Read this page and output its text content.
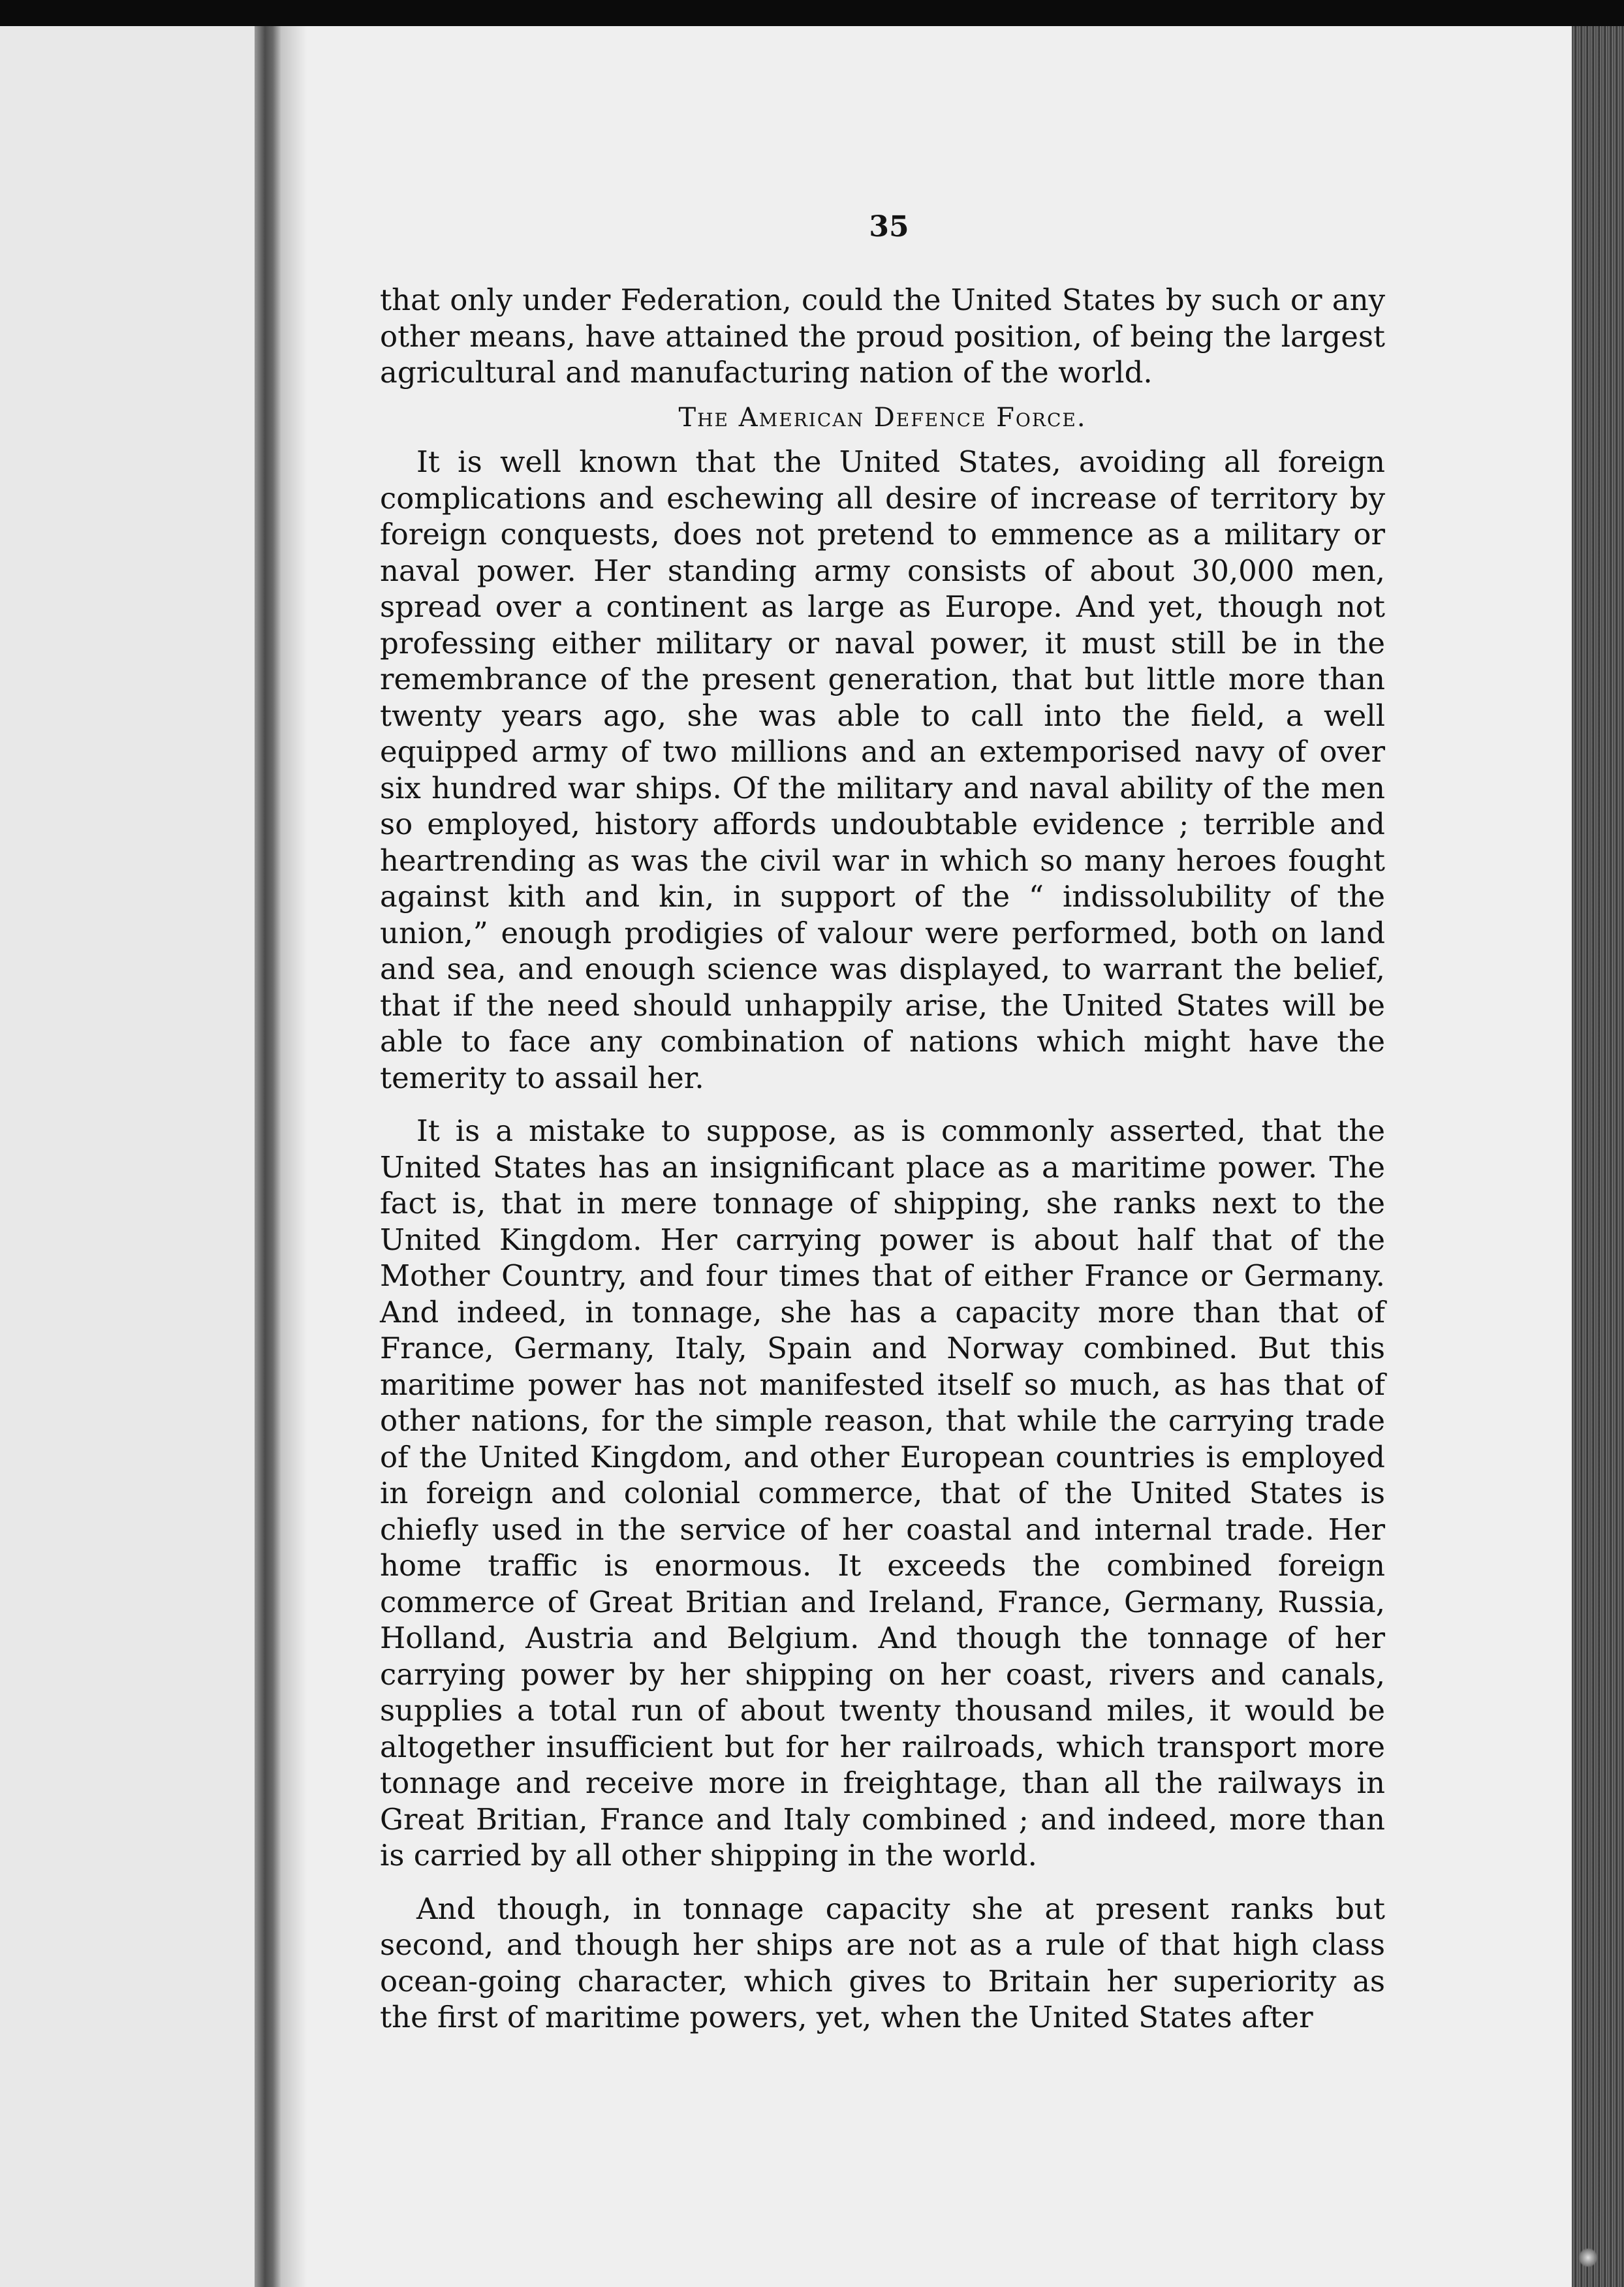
35

that only under Federation, could the United States by such or any other means, have attained the proud position, of being the largest agricultural and manufacturing nation of the world.

The American Defence Force.

It is well known that the United States, avoiding all foreign complications and eschewing all desire of increase of territory by foreign conquests, does not pretend to emmence as a military or naval power. Her standing army consists of about 30,000 men, spread over a continent as large as Europe. And yet, though not professing either military or naval power, it must still be in the remembrance of the present generation, that but little more than twenty years ago, she was able to call into the field, a well equipped army of two millions and an extemporised navy of over six hundred war ships. Of the military and naval ability of the men so employed, history affords undoubtable evidence ; terrible and heartrending as was the civil war in which so many heroes fought against kith and kin, in support of the “ indissolubility of the union,” enough prodigies of valour were performed, both on land and sea, and enough science was displayed, to warrant the belief, that if the need should unhappily arise, the United States will be able to face any combination of nations which might have the temerity to assail her.

It is a mistake to suppose, as is commonly asserted, that the United States has an insignificant place as a maritime power. The fact is, that in mere tonnage of shipping, she ranks next to the United Kingdom. Her carrying power is about half that of the Mother Country, and four times that of either France or Germany. And indeed, in tonnage, she has a capacity more than that of France, Germany, Italy, Spain and Norway combined. But this maritime power has not manifested itself so much, as has that of other nations, for the simple reason, that while the carrying trade of the United Kingdom, and other European countries is employed in foreign and colonial commerce, that of the United States is chiefly used in the service of her coastal and internal trade. Her home traffic is enormous. It exceeds the combined foreign commerce of Great Britian and Ireland, France, Germany, Russia, Holland, Austria and Belgium. And though the tonnage of her carrying power by her shipping on her coast, rivers and canals, supplies a total run of about twenty thousand miles, it would be altogether insufficient but for her railroads, which transport more tonnage and receive more in freightage, than all the railways in Great Britian, France and Italy combined ; and indeed, more than is carried by all other shipping in the world.

And though, in tonnage capacity she at present ranks but second, and though her ships are not as a rule of that high class ocean-going character, which gives to Britain her superiority as the first of maritime powers, yet, when the United States after
